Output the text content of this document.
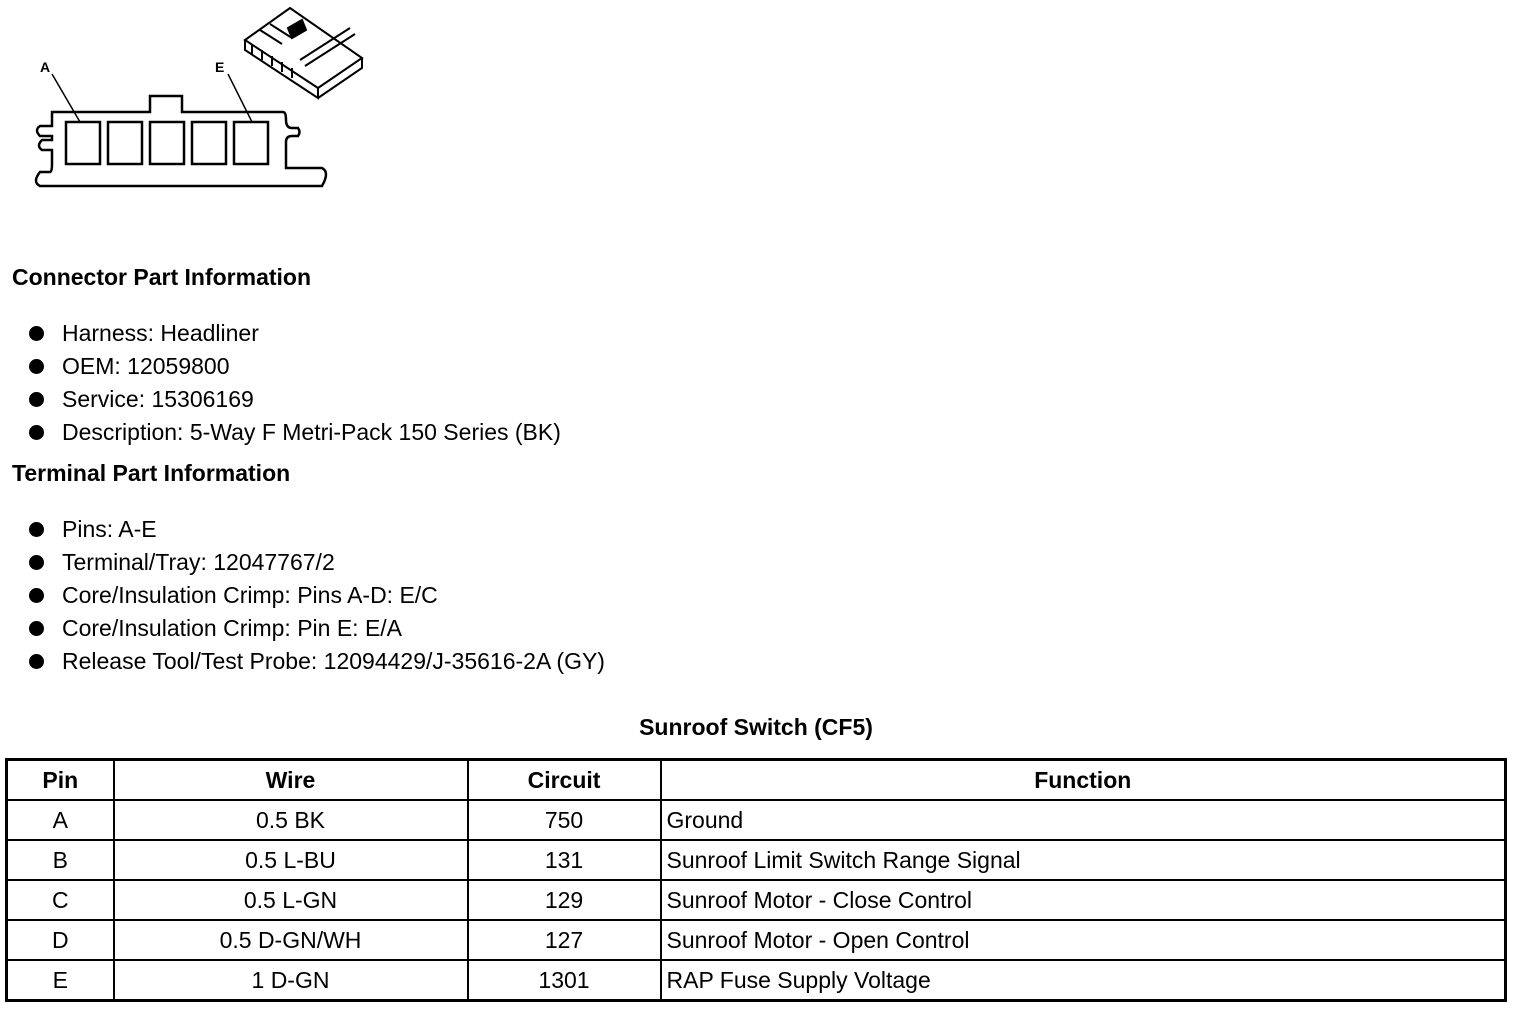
A	E
Connector Part Information
Harness: Headliner
OEM: 12059800
Service: 15306169
Description: 5-Way F Metri-Pack 150 Series (BK)
Terminal Part Information
Pins: A-E
Terminal/Tray: 12047767/2
Core/Insulation Crimp: Pins A-D: E/C
Core/Insulation Crimp: Pin E: E/A
Release Tool/Test Probe: 12094429/J-35616-2A (GY)
Sunroof Switch (CF5)
Pin	Wire	Circuit	Function
A	0.5 BK	750	Ground
B	0.5 L-BU	131	Sunroof Limit Switch Range Signal
C	0.5 L-GN	129	Sunroof Motor - Close Control
D	0.5 D-GN/WH	127	Sunroof Motor - Open Control
E	1 D-GN	1301	RAP Fuse Supply Voltage
